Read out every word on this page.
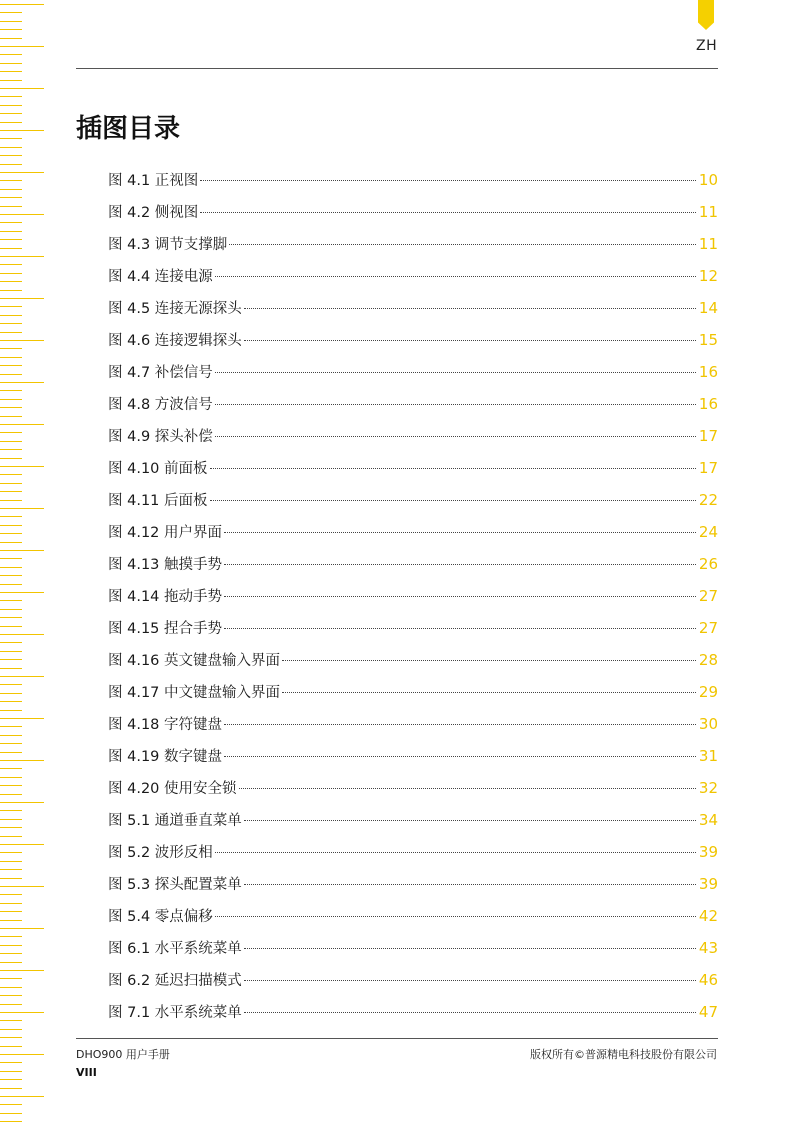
ZH
插图目录
图 4.1 正视图	10
图 4.2 侧视图	11
图 4.3 调节支撑脚	11
图 4.4 连接电源	12
图 4.5 连接无源探头	14
图 4.6 连接逻辑探头	15
图 4.7 补偿信号	16
图 4.8 方波信号	16
图 4.9 探头补偿	17
图 4.10 前面板	17
图 4.11 后面板	22
图 4.12 用户界面	24
图 4.13 触摸手势	26
图 4.14 拖动手势	27
图 4.15 捏合手势	27
图 4.16 英文键盘输入界面	28
图 4.17 中文键盘输入界面	29
图 4.18 字符键盘	30
图 4.19 数字键盘	31
图 4.20 使用安全锁	32
图 5.1 通道垂直菜单	34
图 5.2 波形反相	39
图 5.3 探头配置菜单	39
图 5.4 零点偏移	42
图 6.1 水平系统菜单	43
图 6.2 延迟扫描模式	46
图 7.1 水平系统菜单	47
DHO900 用户手册	版权所有©普源精电科技股份有限公司
VIII
